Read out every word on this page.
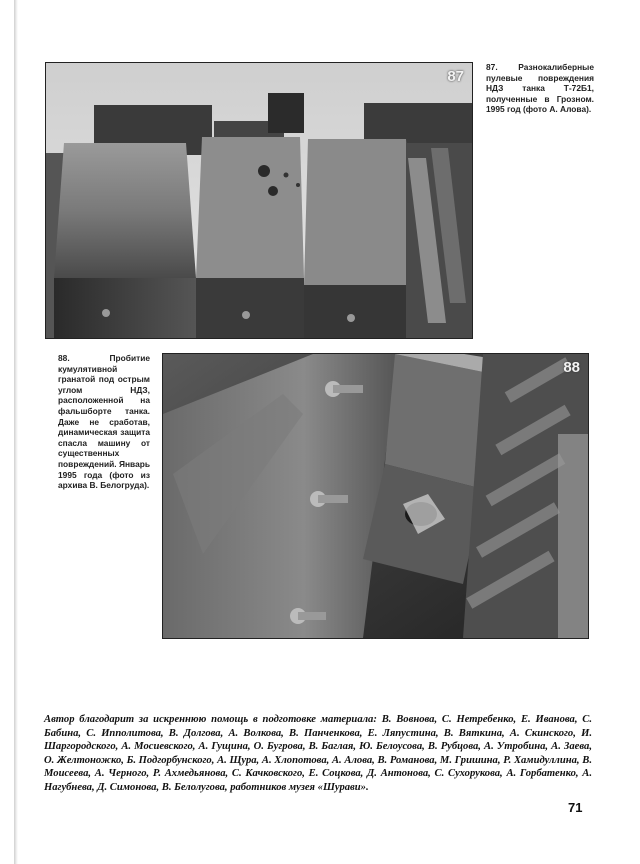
87
87. Разнокалиберные пулевые повреждения НДЗ танка Т-72Б1, полученные в Грозном. 1995 год (фото А. Алова).
88
88. Пробитие кумулятивной гранатой под острым углом НДЗ, расположенной на фальшборте танка. Даже не сработав, динамическая защита спасла машину от существенных повреждений. Январь 1995 года (фото из архива В. Белогруда).
Автор благодарит за искреннюю помощь в подготовке материала: В. Вовнова, С. Нетребенко, Е. Иванова, С. Бабина, С. Ипполитова, В. Долгова, А. Волкова, В. Панченкова, Е. Ляпустина, В. Вяткина, А. Скинского, И. Шаргородского, А. Мосиевского, А. Гущина, О. Бугрова, В. Баглая, Ю. Белоусова, В. Рубцова, А. Утробина, А. Заева, О. Желтоножко, Б. Подгорбунского, А. Щура, А. Хлопотова, А. Алова, В. Романова, М. Гришина, Р. Хамидуллина, В. Моисеева, А. Черного, Р. Ахмедьянова, С. Качковского, Е. Соцкова, Д. Антонова, С. Сухорукова, А. Горбатенко, А. Нагубнева, Д. Симонова, В. Белолугова, работников музея «Шурави».
71
